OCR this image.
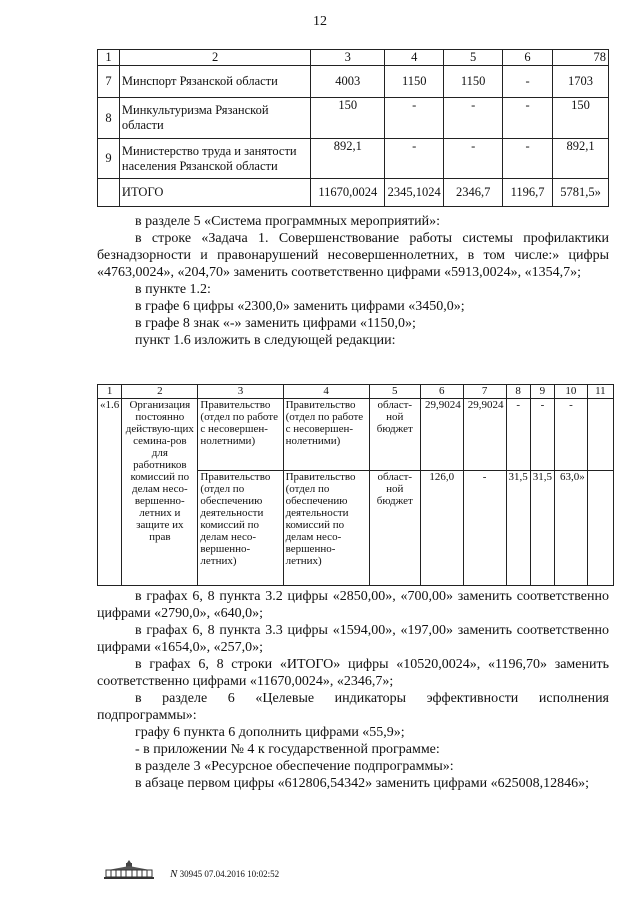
12
1	2	3	4	5	6	78
7	Минспорт Рязанской области	4003	1150	1150	-	1703
8	Минкультуризма Рязанской области	150	-	-	-	150
9	Министерство труда и занятости населения Рязанской области	892,1	-	-	-	892,1
	ИТОГО	11670,0024	2345,1024	2346,7	1196,7	5781,5»
в разделе 5 «Система программных мероприятий»:
в строке «Задача 1. Совершенствование работы системы профилактики безнадзорности и правонарушений несовершеннолетних, в том числе:» цифры «4763,0024», «204,70» заменить соответственно цифрами «5913,0024», «1354,7»;
в пункте 1.2:
в графе 6 цифры «2300,0» заменить цифрами «3450,0»;
в графе 8 знак «-» заменить цифрами «1150,0»;
пункт 1.6 изложить в следующей редакции:
1	2	3	4	5	6	7	8	9	10	11
«1.6	Организация постоянно действую-щих семина-ров для работников комиссий по делам несо-вершенно-летних и защите их прав	Правительство (отдел по работе с несовершен-нолетними)	Правительство (отдел по работе с несовершен-нолетними)	област-ной бюджет	29,9024	29,9024	-	-	-	
		Правительство (отдел по обеспечению деятельности комиссий по делам несо-вершенно-летних)	Правительство (отдел по обеспечению деятельности комиссий по делам несо-вершенно-летних)	област-ной бюджет	126,0	-	31,5	31,5	63,0»	
в графах 6, 8 пункта 3.2 цифры «2850,00», «700,00» заменить соответственно цифрами «2790,0», «640,0»;
в графах 6, 8 пункта 3.3 цифры «1594,00», «197,00» заменить соответственно цифрами «1654,0», «257,0»;
в графах 6, 8 строки «ИТОГО» цифры «10520,0024», «1196,70» заменить соответственно цифрами «11670,0024», «2346,7»;
в разделе 6 «Целевые индикаторы эффективности исполнения подпрограммы»:
графу 6 пункта 6 дополнить цифрами «55,9»;
- в приложении № 4 к государственной программе:
в разделе 3 «Ресурсное обеспечение подпрограммы»:
в абзаце первом цифры «612806,54342» заменить цифрами «625008,12846»;
N 30945 07.04.2016 10:02:52
